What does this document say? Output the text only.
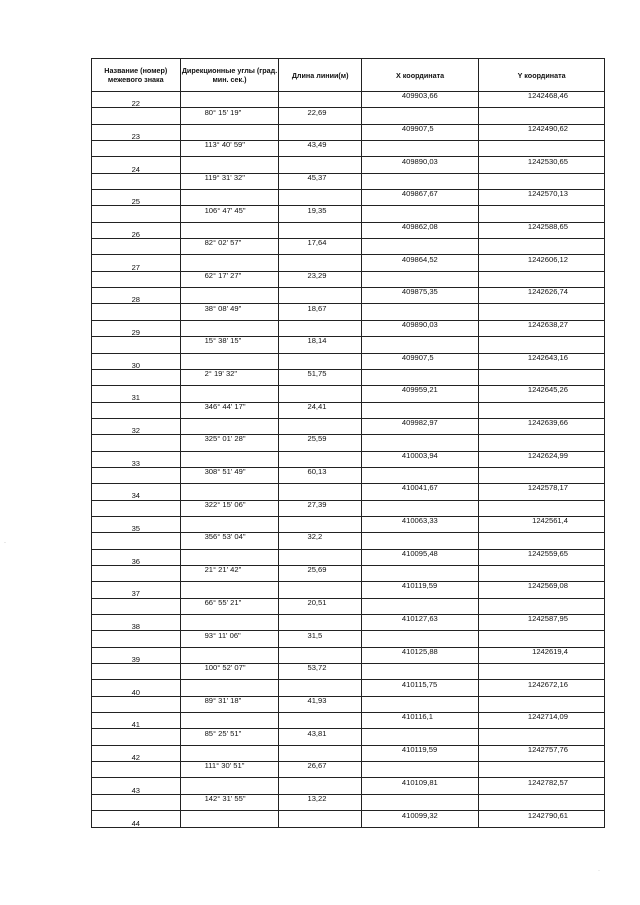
·
·
Название (номер) межевого знака	Дирекционные углы (град. мин. сек.)	Длина линии(м)	X координата	Y координата
22			409903,66	1242468,46
	80° 15' 19"	22,69		
23			409907,5	1242490,62
	113° 40' 59"	43,49		
24			409890,03	1242530,65
	119° 31' 32"	45,37		
25			409867,67	1242570,13
	106° 47' 45"	19,35		
26			409862,08	1242588,65
	82° 02' 57"	17,64		
27			409864,52	1242606,12
	62° 17' 27"	23,29		
28			409875,35	1242626,74
	38° 08' 49"	18,67		
29			409890,03	1242638,27
	15° 38' 15"	18,14		
30			409907,5	1242643,16
	2° 19' 32"	51,75		
31			409959,21	1242645,26
	346° 44' 17"	24,41		
32			409982,97	1242639,66
	325° 01' 28"	25,59		
33			410003,94	1242624,99
	308° 51' 49"	60,13		
34			410041,67	1242578,17
	322° 15' 06"	27,39		
35			410063,33	1242561,4
	356° 53' 04"	32,2		
36			410095,48	1242559,65
	21° 21' 42"	25,69		
37			410119,59	1242569,08
	66° 55' 21"	20,51		
38			410127,63	1242587,95
	93° 11' 06"	31,5		
39			410125,88	1242619,4
	100° 52' 07"	53,72		
40			410115,75	1242672,16
	89° 31' 18"	41,93		
41			410116,1	1242714,09
	85° 25' 51"	43,81		
42			410119,59	1242757,76
	111° 30' 51"	26,67		
43			410109,81	1242782,57
	142° 31' 55"	13,22		
44			410099,32	1242790,61
